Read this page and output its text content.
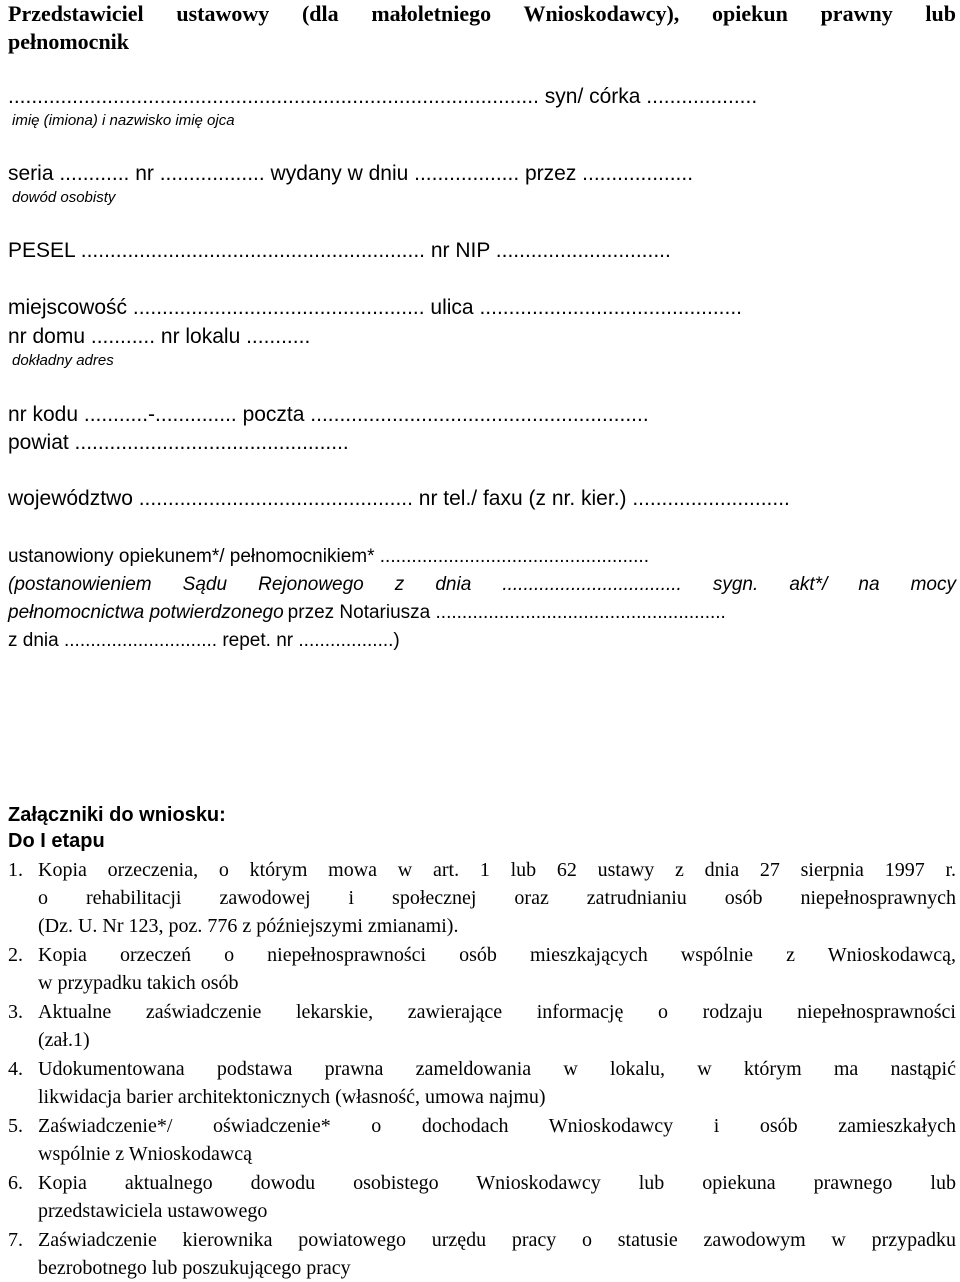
Przedstawiciel ustawowy (dla małoletniego Wnioskodawcy), opiekun prawny lub
pełnomocnik
........................................................................................... syn/ córka ...................
imię (imiona) i nazwisko imię ojca
seria ............ nr .................. wydany w dniu .................. przez ...................
dowód osobisty
PESEL ........................................................... nr NIP ..............................
miejscowość .................................................. ulica .............................................
nr domu ........... nr lokalu ...........
dokładny adres
nr kodu ...........-.............. poczta ..........................................................
powiat ...............................................
województwo ............................................... nr tel./ faxu (z nr. kier.) ...........................
ustanowiony opiekunem*/ pełnomocnikiem* ...................................................
(postanowieniem Sądu Rejonowego z dnia .................................. sygn. akt*/ na mocy
pełnomocnictwa potwierdzonego przez Notariusza .......................................................
z dnia ............................. repet. nr ..................)
Załączniki do wniosku:
Do I etapu
1. Kopia orzeczenia, o którym mowa w art. 1 lub 62 ustawy z dnia 27 sierpnia 1997 r.
o rehabilitacji zawodowej i społecznej oraz zatrudnianiu osób niepełnosprawnych
(Dz. U. Nr 123, poz. 776 z późniejszymi zmianami).
2. Kopia orzeczeń o niepełnosprawności osób mieszkających wspólnie z Wnioskodawcą,
w przypadku takich osób
3. Aktualne zaświadczenie lekarskie, zawierające informację o rodzaju niepełnosprawności
(zał.1)
4. Udokumentowana podstawa prawna zameldowania w lokalu, w którym ma nastąpić
likwidacja barier architektonicznych (własność, umowa najmu)
5. Zaświadczenie*/ oświadczenie* o dochodach Wnioskodawcy i osób zamieszkałych
wspólnie z Wnioskodawcą
6. Kopia aktualnego dowodu osobistego Wnioskodawcy lub opiekuna prawnego lub
przedstawiciela ustawowego
7. Zaświadczenie kierownika powiatowego urzędu pracy o statusie zawodowym w przypadku
bezrobotnego lub poszukującego pracy
